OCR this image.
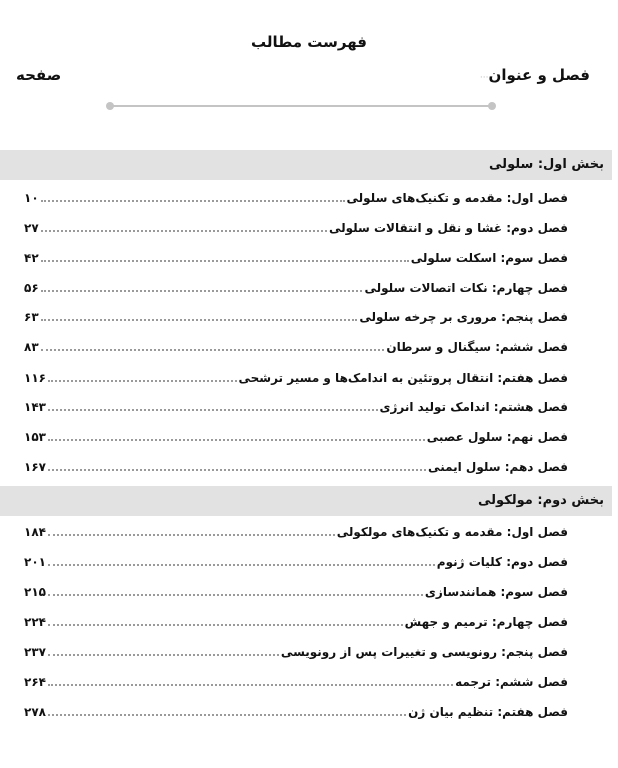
فهرست مطالب
فصل و عنوان···
صفحه
بخش اول: سلولی
فصل اول: مقدمه و تکنیک‌های سلولی
۱۰
فصل دوم: غشا و نقل و انتقالات سلولی
۲۷
فصل سوم: اسکلت سلولی
۴۲
فصل چهارم: نکات اتصالات سلولی
۵۶
فصل پنجم: مروری بر چرخه سلولی
۶۳
فصل ششم: سیگنال و سرطان
۸۳
فصل هفتم: انتقال پروتئین به اندامک‌ها و مسیر ترشحی
۱۱۶
فصل هشتم: اندامک تولید انرژی
۱۴۳
فصل نهم: سلول عصبی
۱۵۳
فصل دهم: سلول ایمنی
۱۶۷
بخش دوم: مولکولی
فصل اول: مقدمه و تکنیک‌های مولکولی
۱۸۴
فصل دوم: کلیات ژنوم
۲۰۱
فصل سوم: همانندسازی
۲۱۵
فصل چهارم: ترمیم و جهش
۲۲۴
فصل پنجم: رونویسی و تغییرات پس از رونویسی
۲۳۷
فصل ششم: ترجمه
۲۶۴
فصل هفتم: تنظیم بیان ژن
۲۷۸
